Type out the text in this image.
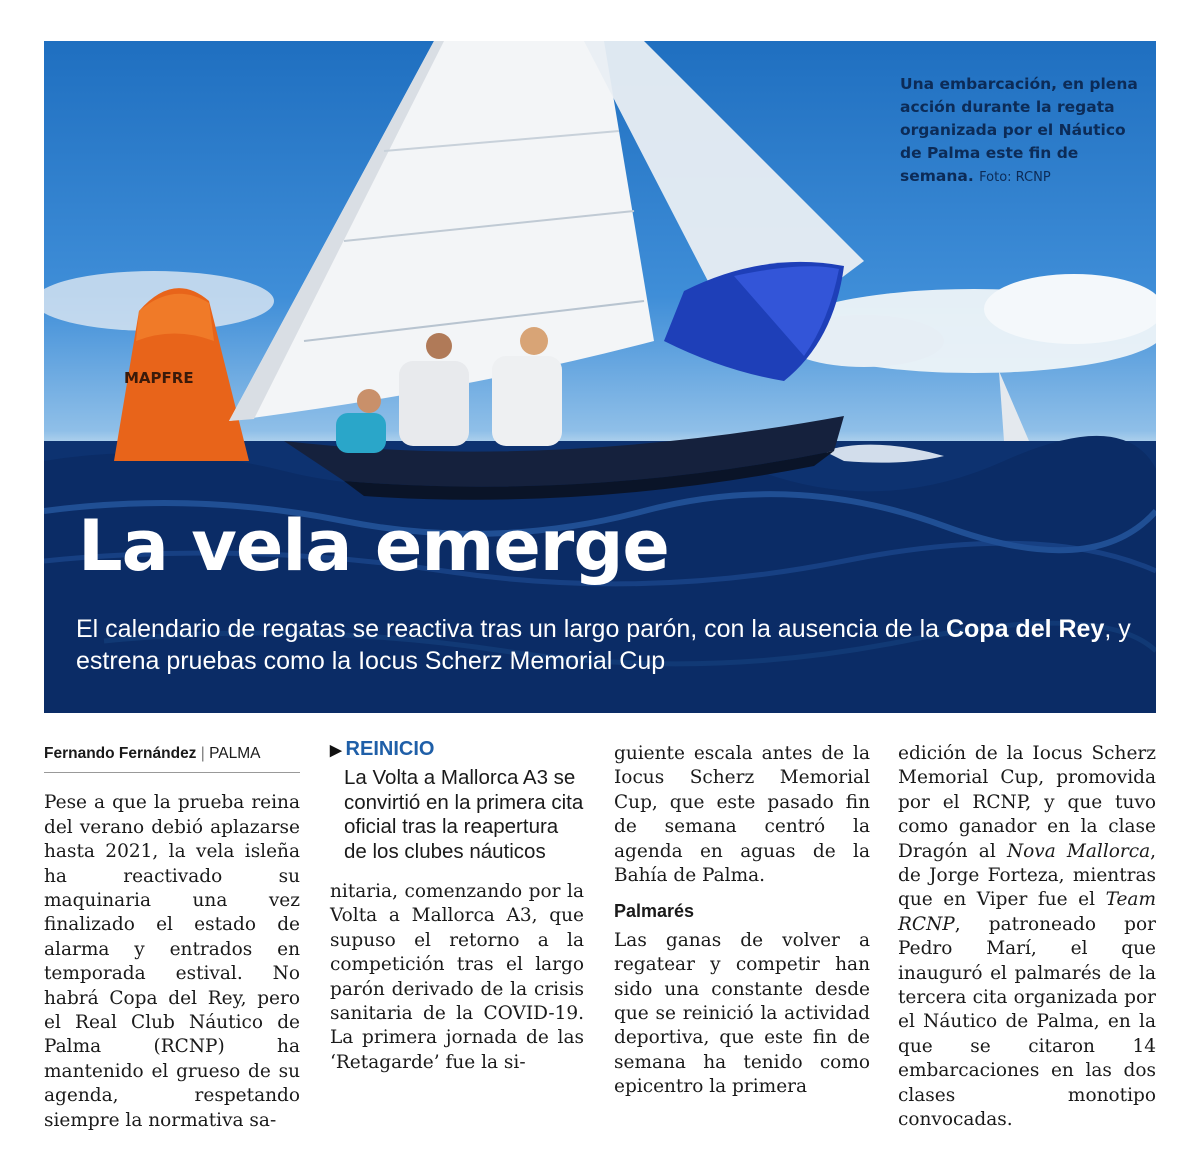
MAPFRE
Una embarcación, en plena acción durante la regata organizada por el Náutico de Palma este fin de semana. Foto: RCNP
La vela emerge
El calendario de regatas se reactiva tras un largo parón, con la ausencia de la Copa del Rey, y estrena pruebas como la Iocus Scherz Memorial Cup
Fernando Fernández | PALMA

Pese a que la prueba reina del verano debió aplazarse hasta 2021, la vela isleña ha reactivado su maquinaria una vez finalizado el estado de alarma y entrados en temporada estival. No habrá Copa del Rey, pero el Real Club Náutico de Palma (RCNP) ha mantenido el grueso de su agenda, respetando siempre la normativa sa-

▶ REINICIO
La Volta a Mallorca A3 se convirtió en la primera cita oficial tras la reapertura de los clubes náuticos

nitaria, comenzando por la Volta a Mallorca A3, que supuso el retorno a la competición tras el largo parón derivado de la crisis sanitaria de la COVID-19. La primera jornada de las ‘Retagarde’ fue la si-

guiente escala antes de la Iocus Scherz Memorial Cup, que este pasado fin de semana centró la agenda en aguas de la Bahía de Palma.

Palmarés

Las ganas de volver a regatear y competir han sido una constante desde que se reinició la actividad deportiva, que este fin de semana ha tenido como epicentro la primera

edición de la Iocus Scherz Memorial Cup, promovida por el RCNP, y que tuvo como ganador en la clase Dragón al Nova Mallorca, de Jorge Forteza, mientras que en Viper fue el Team RCNP, patroneado por Pedro Marí, el que inauguró el palmarés de la tercera cita organizada por el Náutico de Palma, en la que se citaron 14 embarcaciones en las dos clases monotipo convocadas.
